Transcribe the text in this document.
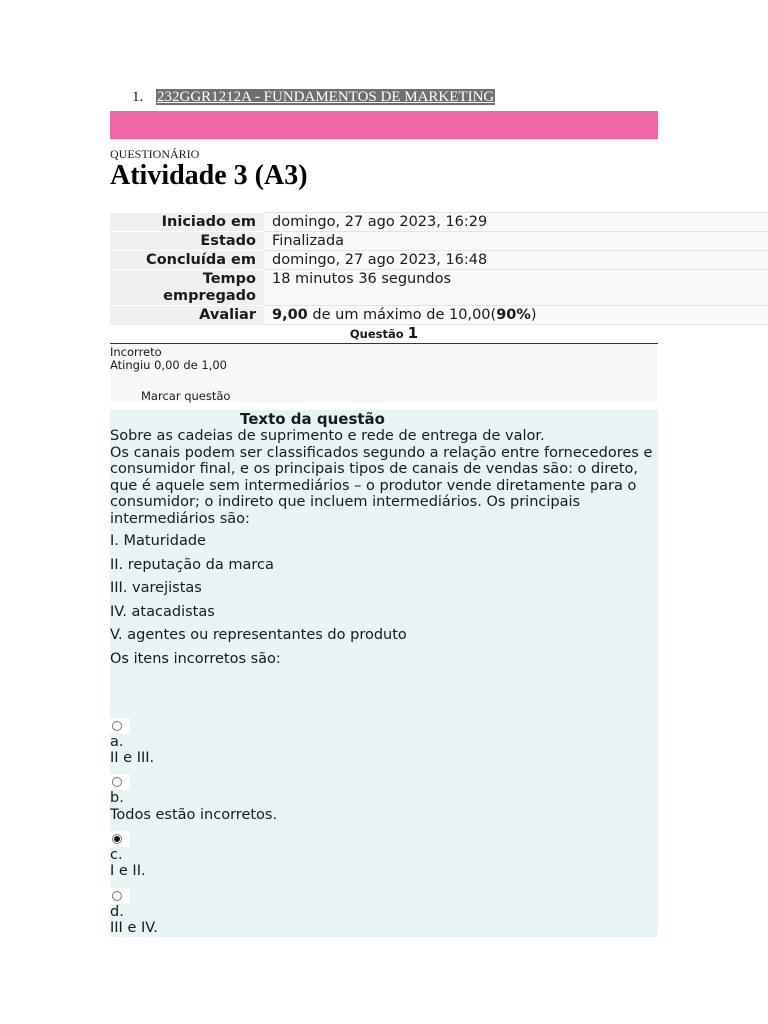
1. 232GGR1212A - FUNDAMENTOS DE MARKETING
QUESTIONÁRIO
Atividade 3 (A3)
Iniciado em	domingo, 27 ago 2023, 16:29
Estado	Finalizada
Concluída em	domingo, 27 ago 2023, 16:48
Tempo empregado	18 minutos 36 segundos
Avaliar	9,00 de um máximo de 10,00(90%)
Questão 1
Incorreto
Atingiu 0,00 de 1,00
Marcar questão
Texto da questão
Sobre as cadeias de suprimento e rede de entrega de valor.
Os canais podem ser classificados segundo a relação entre fornecedores e consumidor final, e os principais tipos de canais de vendas são: o direto, que é aquele sem intermediários – o produtor vende diretamente para o consumidor; o indireto que incluem intermediários. Os principais intermediários são:
I. Maturidade
II. reputação da marca
III. varejistas
IV. atacadistas
V. agentes ou representantes do produto
Os itens incorretos são:
a.
II e III.
b.
Todos estão incorretos.
c.
I e II.
d.
III e IV.
